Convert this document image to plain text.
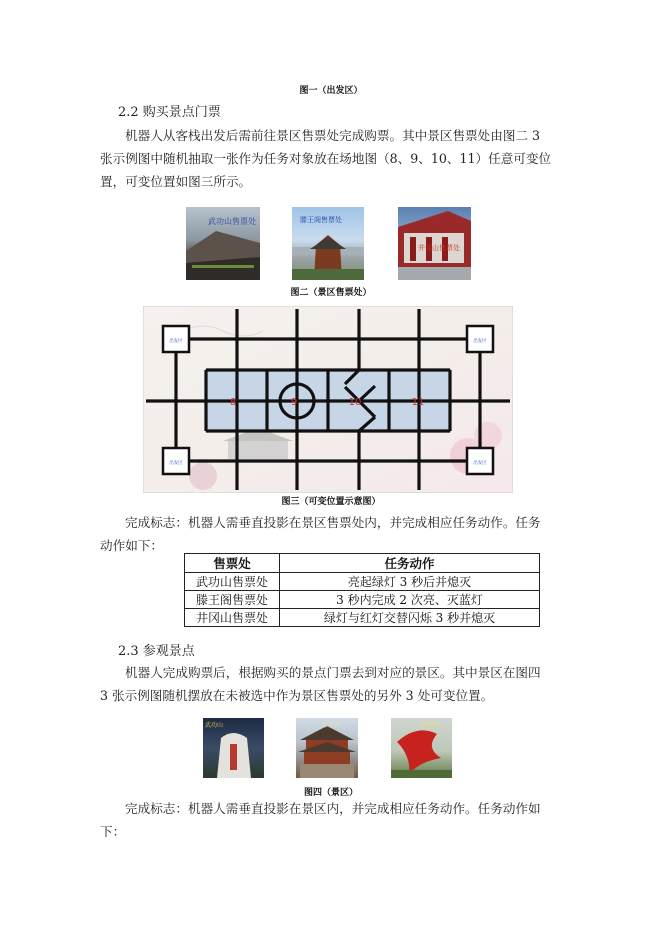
图一（出发区）
2.2 购买景点门票

机器人从客栈出发后需前往景区售票处完成购票。其中景区售票处由图二 3

张示例图中随机抽取一张作为任务对象放在场地图（8、9、10、11）任意可变位

置，可变位置如图三所示。

武功山售票处	滕王阁售票处
井冈山售票处
图二（景区售票处）
出发区	出发区
出发区	出发区
8	9	10	11
图三（可变位置示意图）

完成标志：机器人需垂直投影在景区售票处内，并完成相应任务动作。任务

动作如下：

售票处	任务动作
武功山售票处	亮起绿灯 3 秒后并熄灭
滕王阁售票处	3 秒内完成 2 次亮、灭蓝灯
井冈山售票处	绿灯与红灯交替闪烁 3 秒并熄灭
2.3 参观景点

机器人完成购票后，根据购买的景点门票去到对应的景区。其中景区在图四

3 张示例图随机摆放在未被选中作为景区售票处的另外 3 处可变位置。

武功山	滕王阁	井冈山
图四（景区）

完成标志：机器人需垂直投影在景区内，并完成相应任务动作。任务动作如

下：
